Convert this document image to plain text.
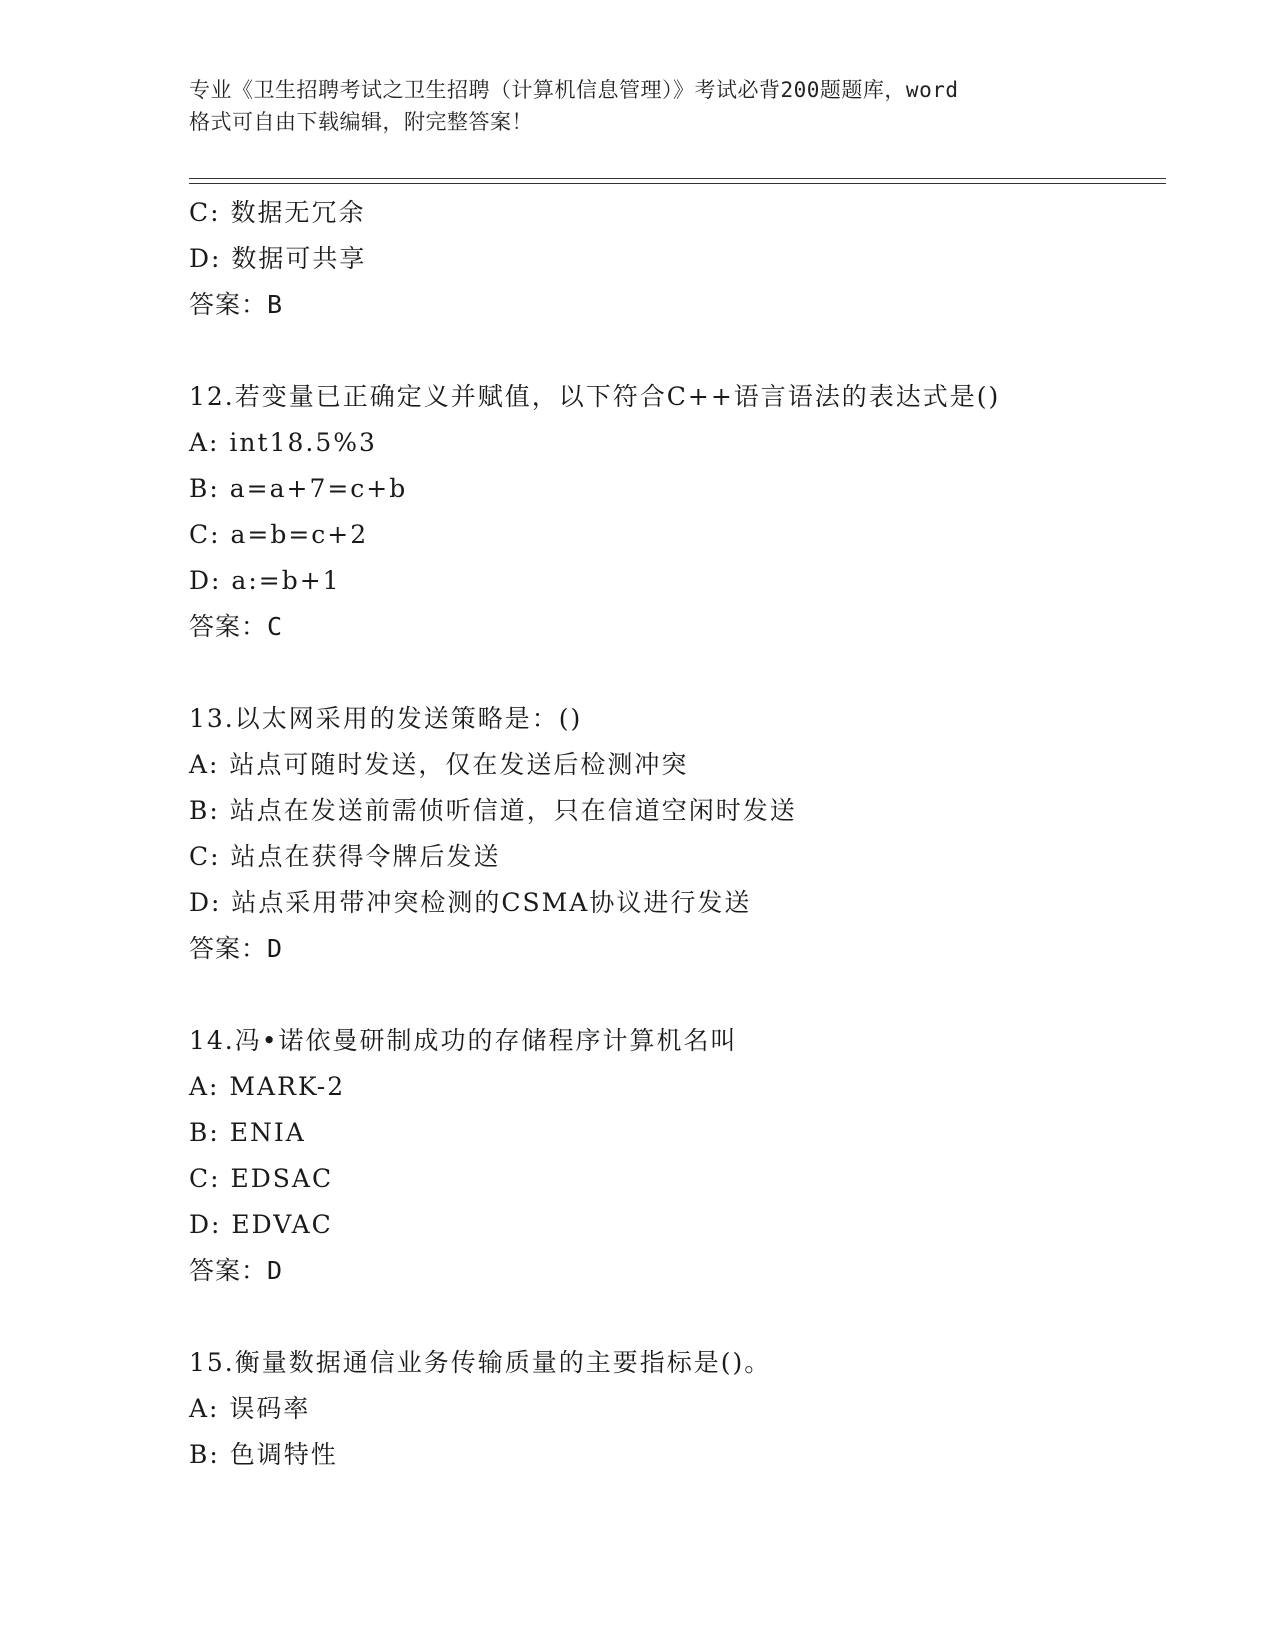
专业《卫生招聘考试之卫生招聘（计算机信息管理）》考试必背200题题库，word
格式可自由下载编辑，附完整答案！
C: 数据无冗余
D: 数据可共享
答案：B
12.若变量已正确定义并赋值，以下符合C++语言语法的表达式是()
A: int18.5%3
B: a=a+7=c+b
C: a=b=c+2
D: a:=b+1
答案：C
13.以太网采用的发送策略是：()
A: 站点可随时发送，仅在发送后检测冲突
B: 站点在发送前需侦听信道，只在信道空闲时发送
C: 站点在获得令牌后发送
D: 站点采用带冲突检测的CSMA协议进行发送
答案：D
14.冯•诺依曼研制成功的存储程序计算机名叫
A: MARK-2
B: ENIA
C: EDSAC
D: EDVAC
答案：D
15.衡量数据通信业务传输质量的主要指标是()。
A: 误码率
B: 色调特性
